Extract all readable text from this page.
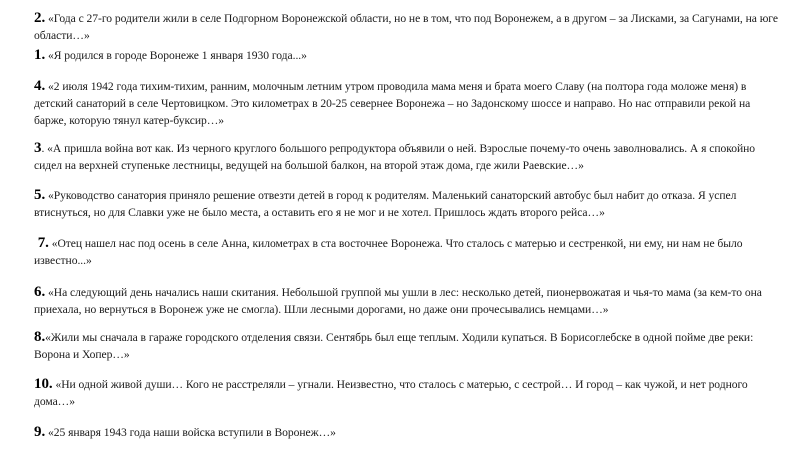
2. «Года с 27-го родители жили в селе Подгорном Воронежской области, но не в том, что под Воронежем, а в другом – за Лисками, за Сагунами, на юге области…»
1. «Я родился в городе Воронеже 1 января 1930 года...»
4. «2 июля 1942 года тихим-тихим, ранним, молочным летним утром проводила мама меня и брата моего Славу (на полтора года моложе меня) в детский санаторий в селе Чертовицком. Это километрах в 20-25 севернее Воронежа – но Задонскому шоссе и направо. Но нас отправили рекой на барже, которую тянул катер-буксир…»
3. «А пришла война вот как. Из черного круглого большого репродуктора объявили о ней. Взрослые почему-то очень заволновались. А я спокойно сидел на верхней ступеньке лестницы, ведущей на большой балкон, на второй этаж дома, где жили Раевские…»
5. «Руководство санатория приняло решение отвезти детей в город к родителям. Маленький санаторский автобус был набит до отказа. Я успел втиснуться, но для Славки уже не было места, а оставить его я не мог и не хотел. Пришлось ждать второго рейса…»
7. «Отец нашел нас под осень в селе Анна, километрах в ста восточнее Воронежа. Что сталось с матерью и сестренкой, ни ему, ни нам не было известно...»
6. «На следующий день начались наши скитания. Небольшой группой мы ушли в лес: несколько детей, пионервожатая и чья-то мама (за кем-то она приехала, но вернуться в Воронеж уже не смогла). Шли лесными дорогами, но даже они прочесывались немцами…»
8.«Жили мы сначала в гараже городского отделения связи. Сентябрь был еще теплым. Ходили купаться. В Борисоглебске в одной пойме две реки: Ворона и Хопер…»
10. «Ни одной живой души… Кого не расстреляли – угнали. Неизвестно, что сталось с матерью, с сестрой… И город – как чужой, и нет родного дома…»
9. «25 января 1943 года наши войска вступили в Воронеж…»
